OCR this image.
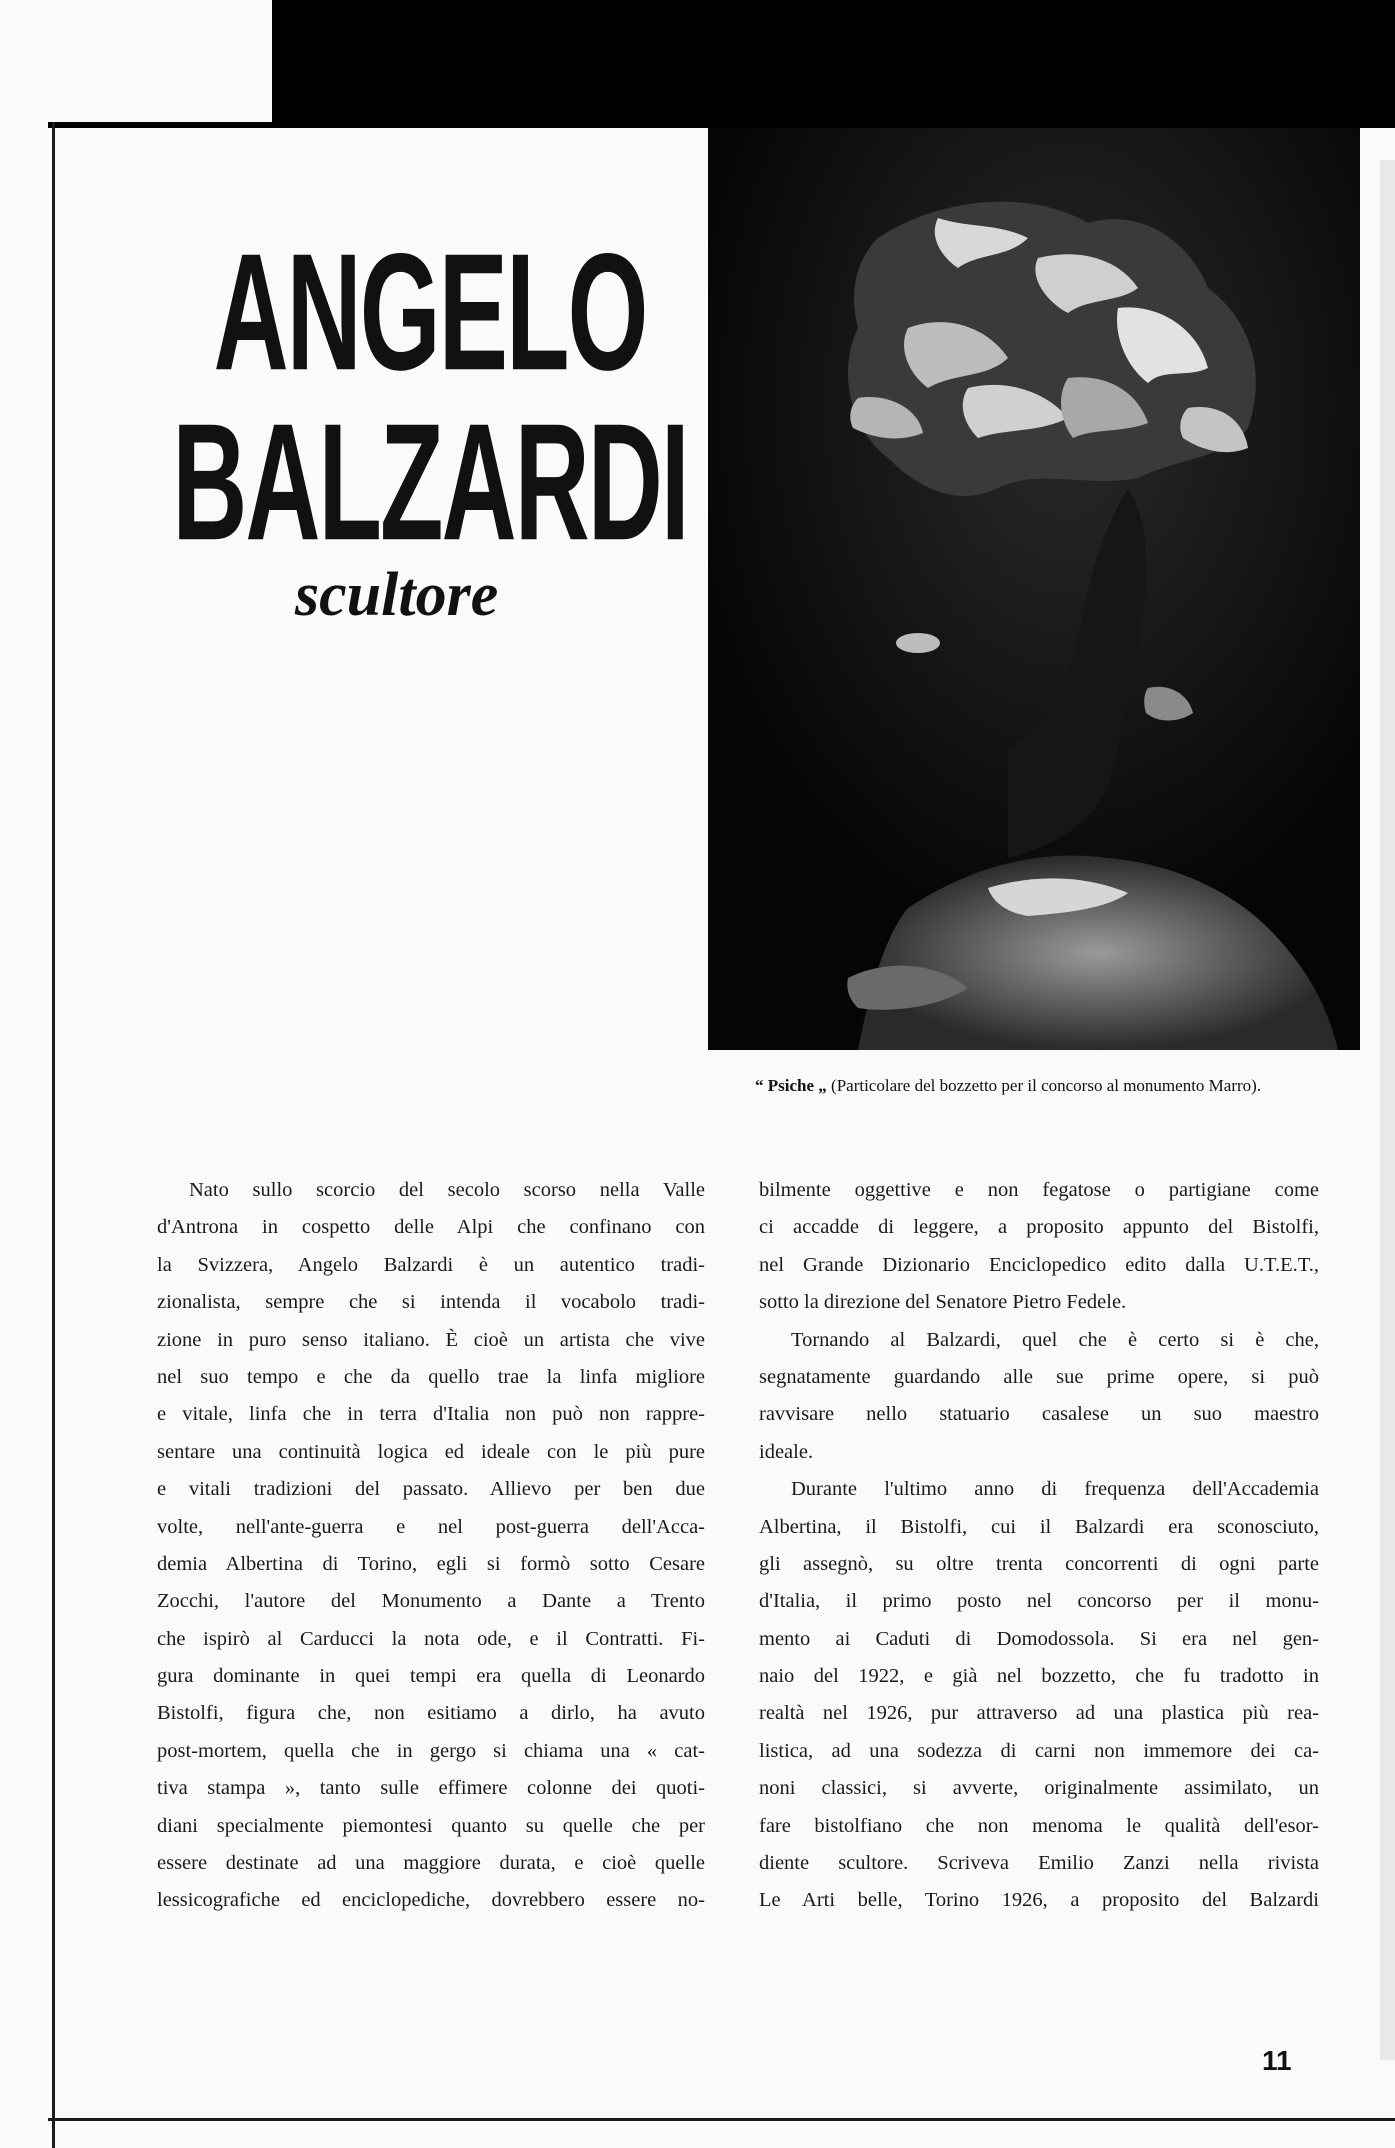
ANGELO
BALZARDI
scultore
“ Psiche „ (Particolare del bozzetto per il concorso al monumento Marro).
Nato sullo scorcio del secolo scorso nella Valle
d'Antrona in cospetto delle Alpi che confinano con
la Svizzera, Angelo Balzardi è un autentico tradi-
zionalista, sempre che si intenda il vocabolo tradi-
zione in puro senso italiano. È cioè un artista che vive
nel suo tempo e che da quello trae la linfa migliore
e vitale, linfa che in terra d'Italia non può non rappre-
sentare una continuità logica ed ideale con le più pure
e vitali tradizioni del passato. Allievo per ben due
volte, nell'ante-guerra e nel post-guerra dell'Acca-
demia Albertina di Torino, egli si formò sotto Cesare
Zocchi, l'autore del Monumento a Dante a Trento
che ispirò al Carducci la nota ode, e il Contratti. Fi-
gura dominante in quei tempi era quella di Leonardo
Bistolfi, figura che, non esitiamo a dirlo, ha avuto
post-mortem, quella che in gergo si chiama una « cat-
tiva stampa », tanto sulle effimere colonne dei quoti-
diani specialmente piemontesi quanto su quelle che per
essere destinate ad una maggiore durata, e cioè quelle
lessicografiche ed enciclopediche, dovrebbero essere no-
bilmente oggettive e non fegatose o partigiane come
ci accadde di leggere, a proposito appunto del Bistolfi,
nel Grande Dizionario Enciclopedico edito dalla U.T.E.T.,
sotto la direzione del Senatore Pietro Fedele.
Tornando al Balzardi, quel che è certo si è che,
segnatamente guardando alle sue prime opere, si può
ravvisare nello statuario casalese un suo maestro
ideale.
Durante l'ultimo anno di frequenza dell'Accademia
Albertina, il Bistolfi, cui il Balzardi era sconosciuto,
gli assegnò, su oltre trenta concorrenti di ogni parte
d'Italia, il primo posto nel concorso per il monu-
mento ai Caduti di Domodossola. Si era nel gen-
naio del 1922, e già nel bozzetto, che fu tradotto in
realtà nel 1926, pur attraverso ad una plastica più rea-
listica, ad una sodezza di carni non immemore dei ca-
noni classici, si avverte, originalmente assimilato, un
fare bistolfiano che non menoma le qualità dell'esor-
diente scultore. Scriveva Emilio Zanzi nella rivista
Le Arti belle, Torino 1926, a proposito del Balzardi
11
